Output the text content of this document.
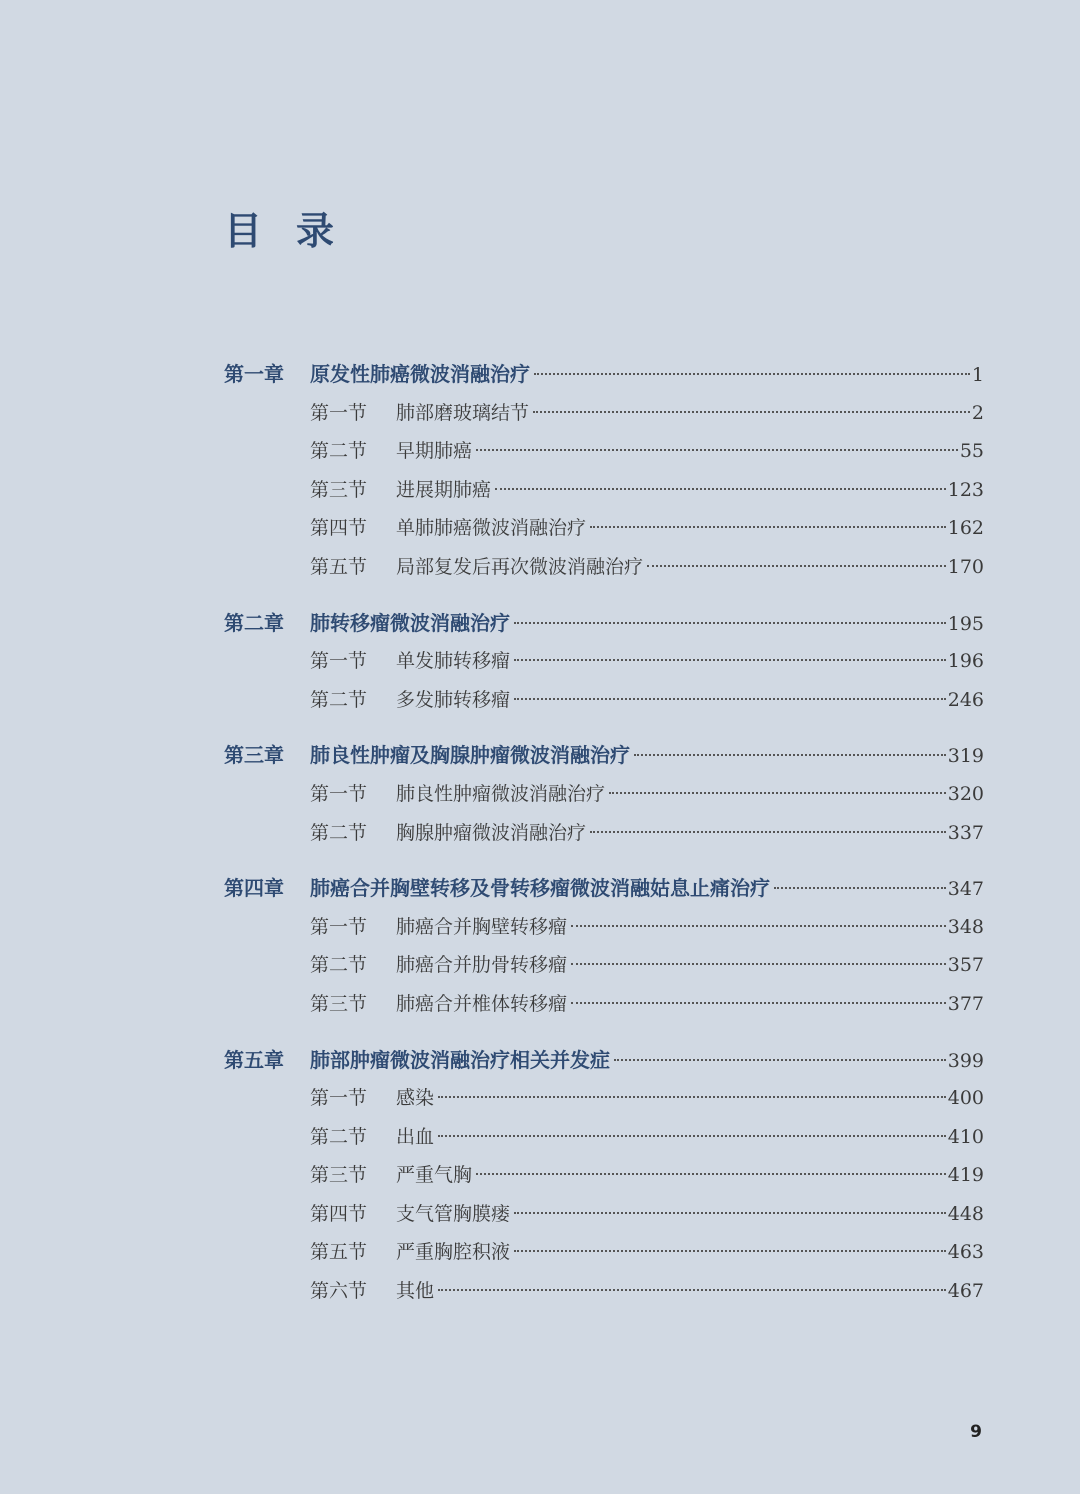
目 录
第一章	原发性肺癌微波消融治疗	1
第一节	肺部磨玻璃结节	2
第二节	早期肺癌	55
第三节	进展期肺癌	123
第四节	单肺肺癌微波消融治疗	162
第五节	局部复发后再次微波消融治疗	170
第二章	肺转移瘤微波消融治疗	195
第一节	单发肺转移瘤	196
第二节	多发肺转移瘤	246
第三章	肺良性肿瘤及胸腺肿瘤微波消融治疗	319
第一节	肺良性肿瘤微波消融治疗	320
第二节	胸腺肿瘤微波消融治疗	337
第四章	肺癌合并胸壁转移及骨转移瘤微波消融姑息止痛治疗	347
第一节	肺癌合并胸壁转移瘤	348
第二节	肺癌合并肋骨转移瘤	357
第三节	肺癌合并椎体转移瘤	377
第五章	肺部肿瘤微波消融治疗相关并发症	399
第一节	感染	400
第二节	出血	410
第三节	严重气胸	419
第四节	支气管胸膜瘘	448
第五节	严重胸腔积液	463
第六节	其他	467
9
